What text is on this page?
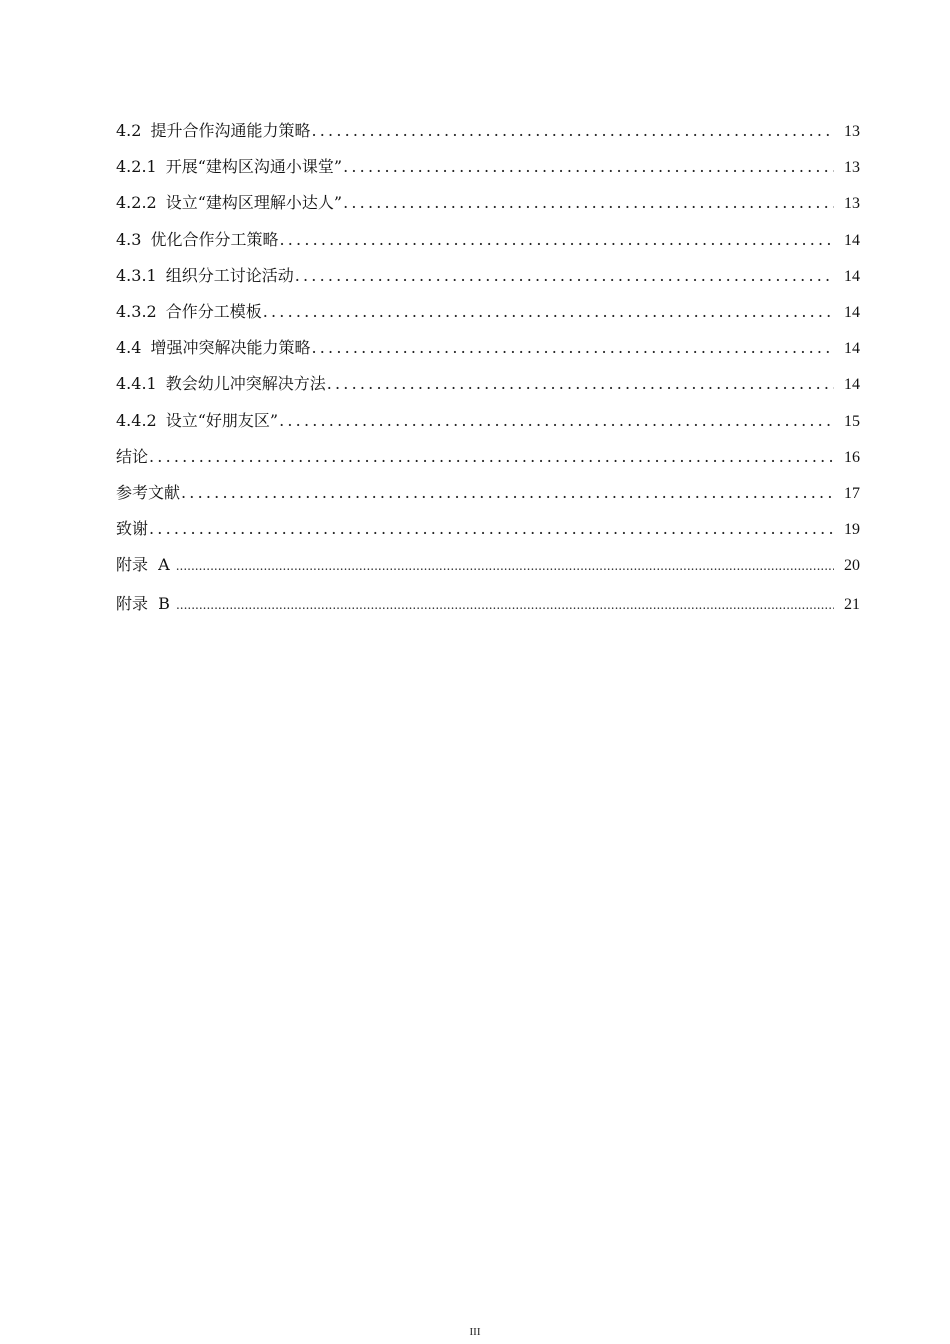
4.2 提升合作沟通能力策略 .....	13
4.2.1 开展“建构区沟通小课堂” .....	13
4.2.2 设立“建构区理解小达人” .....	13
4.3 优化合作分工策略 .....	14
4.3.1 组织分工讨论活动 .....	14
4.3.2 合作分工模板 .....	14
4.4 增强冲突解决能力策略 .....	14
4.4.1 教会幼儿冲突解决方法 .....	14
4.4.2 设立“好朋友区” .....	15
结论 .....	16
参考文献 .....	17
致谢 .....	19
附录  A .....	20
附录  B .....	21
III
